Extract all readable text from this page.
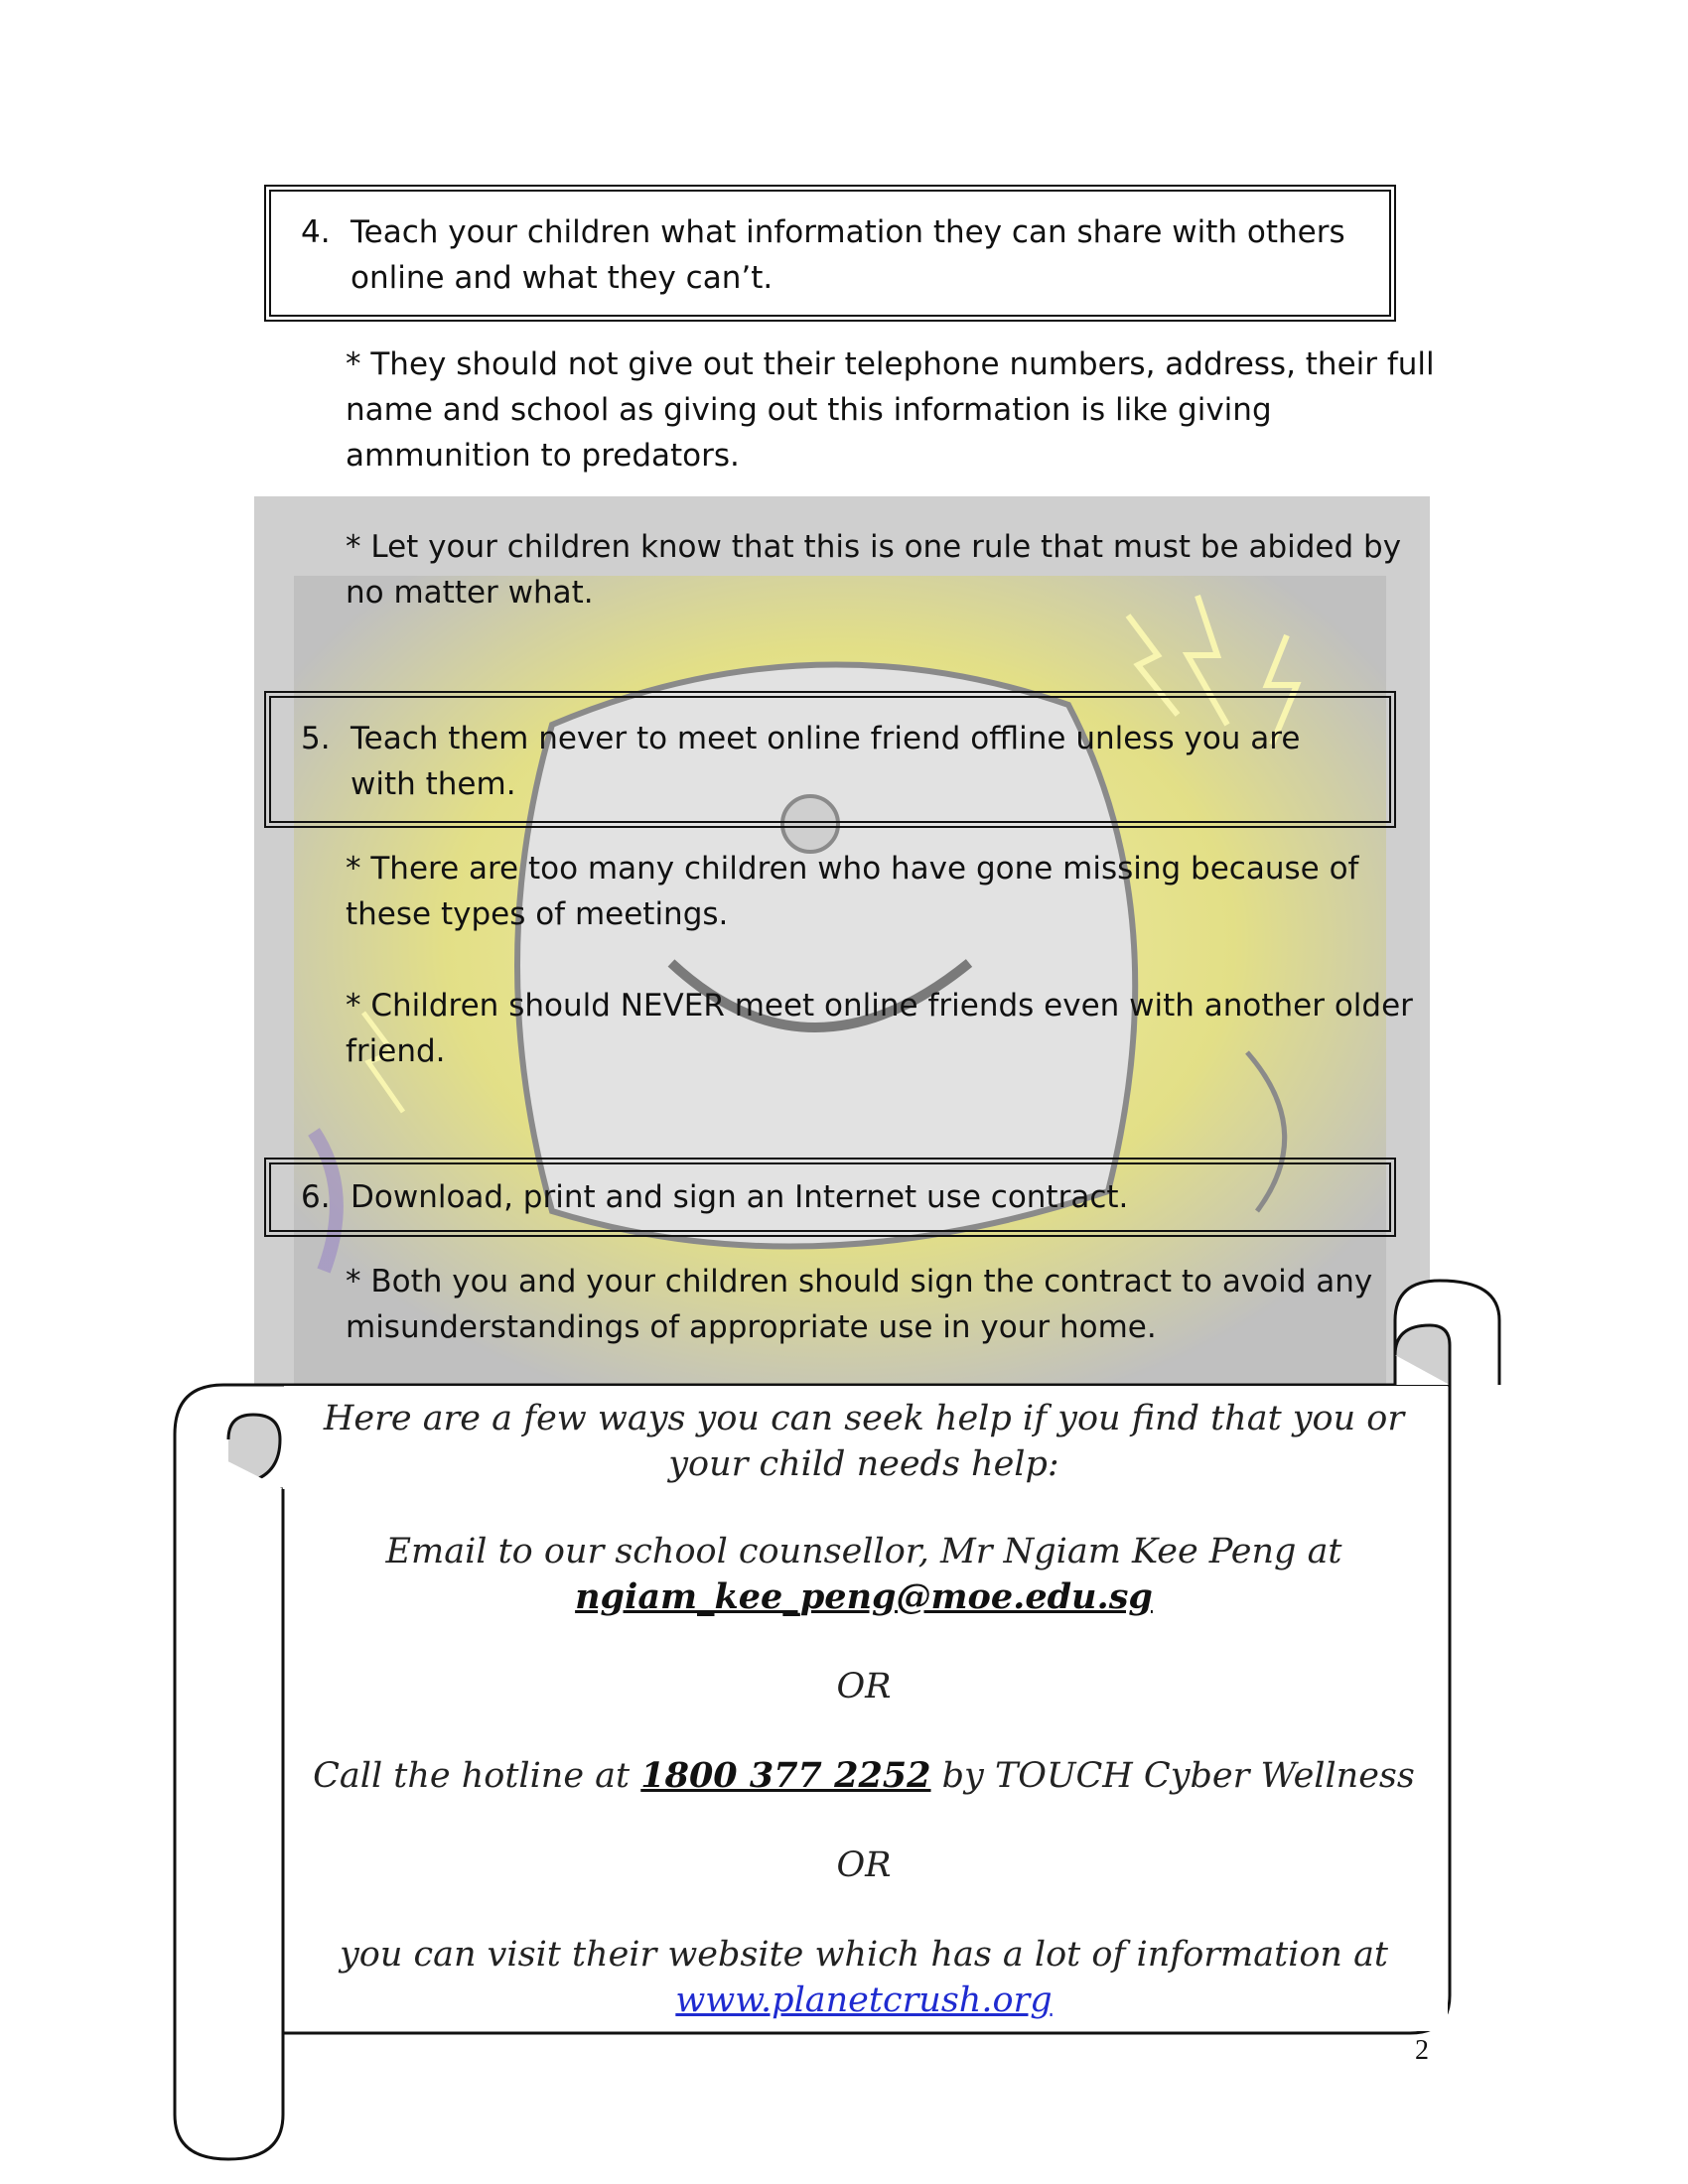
4. Teach your children what information they can share with others online and what they can’t.
* They should not give out their telephone numbers, address, their full name and school as giving out this information is like giving ammunition to predators.
* Let your children know that this is one rule that must be abided by no matter what.
5. Teach them never to meet online friend offline unless you are with them.
* There are too many children who have gone missing because of these types of meetings.
* Children should NEVER meet online friends even with another older friend.
6. Download, print and sign an Internet use contract.
* Both you and your children should sign the contract to avoid any misunderstandings of appropriate use in your home.
Here are a few ways you can seek help if you find that you or your child needs help:
Email to our school counsellor, Mr Ngiam Kee Peng at
ngiam_kee_peng@moe.edu.sg
OR
Call the hotline at 1800 377 2252 by TOUCH Cyber Wellness
OR
you can visit their website which has a lot of information at
www.planetcrush.org
2
